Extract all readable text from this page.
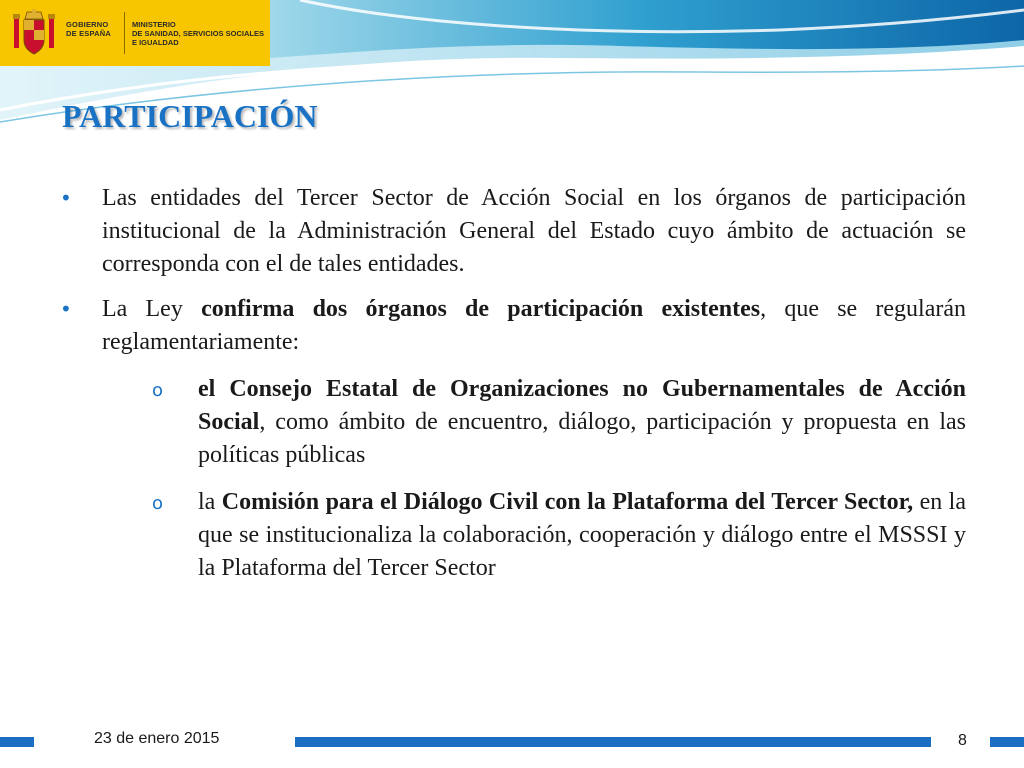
GOBIERNO
DE ESPAÑA
MINISTERIO
DE SANIDAD, SERVICIOS SOCIALES
E IGUALDAD
PARTICIPACIÓN
•	Las entidades del Tercer Sector de Acción Social en los órganos de participación institucional de la Administración General del Estado cuyo ámbito de actuación se corresponda con el de tales entidades.
•	La Ley confirma dos órganos de participación existentes, que se regularán reglamentariamente:
o el Consejo Estatal de Organizaciones no Gubernamentales de Acción Social, como ámbito de encuentro, diálogo, participación y propuesta en las políticas públicas
o la Comisión para el Diálogo Civil con la Plataforma del Tercer Sector, en la que se institucionaliza la colaboración, cooperación y diálogo entre el MSSSI y la Plataforma del Tercer Sector
23 de enero 2015	8
